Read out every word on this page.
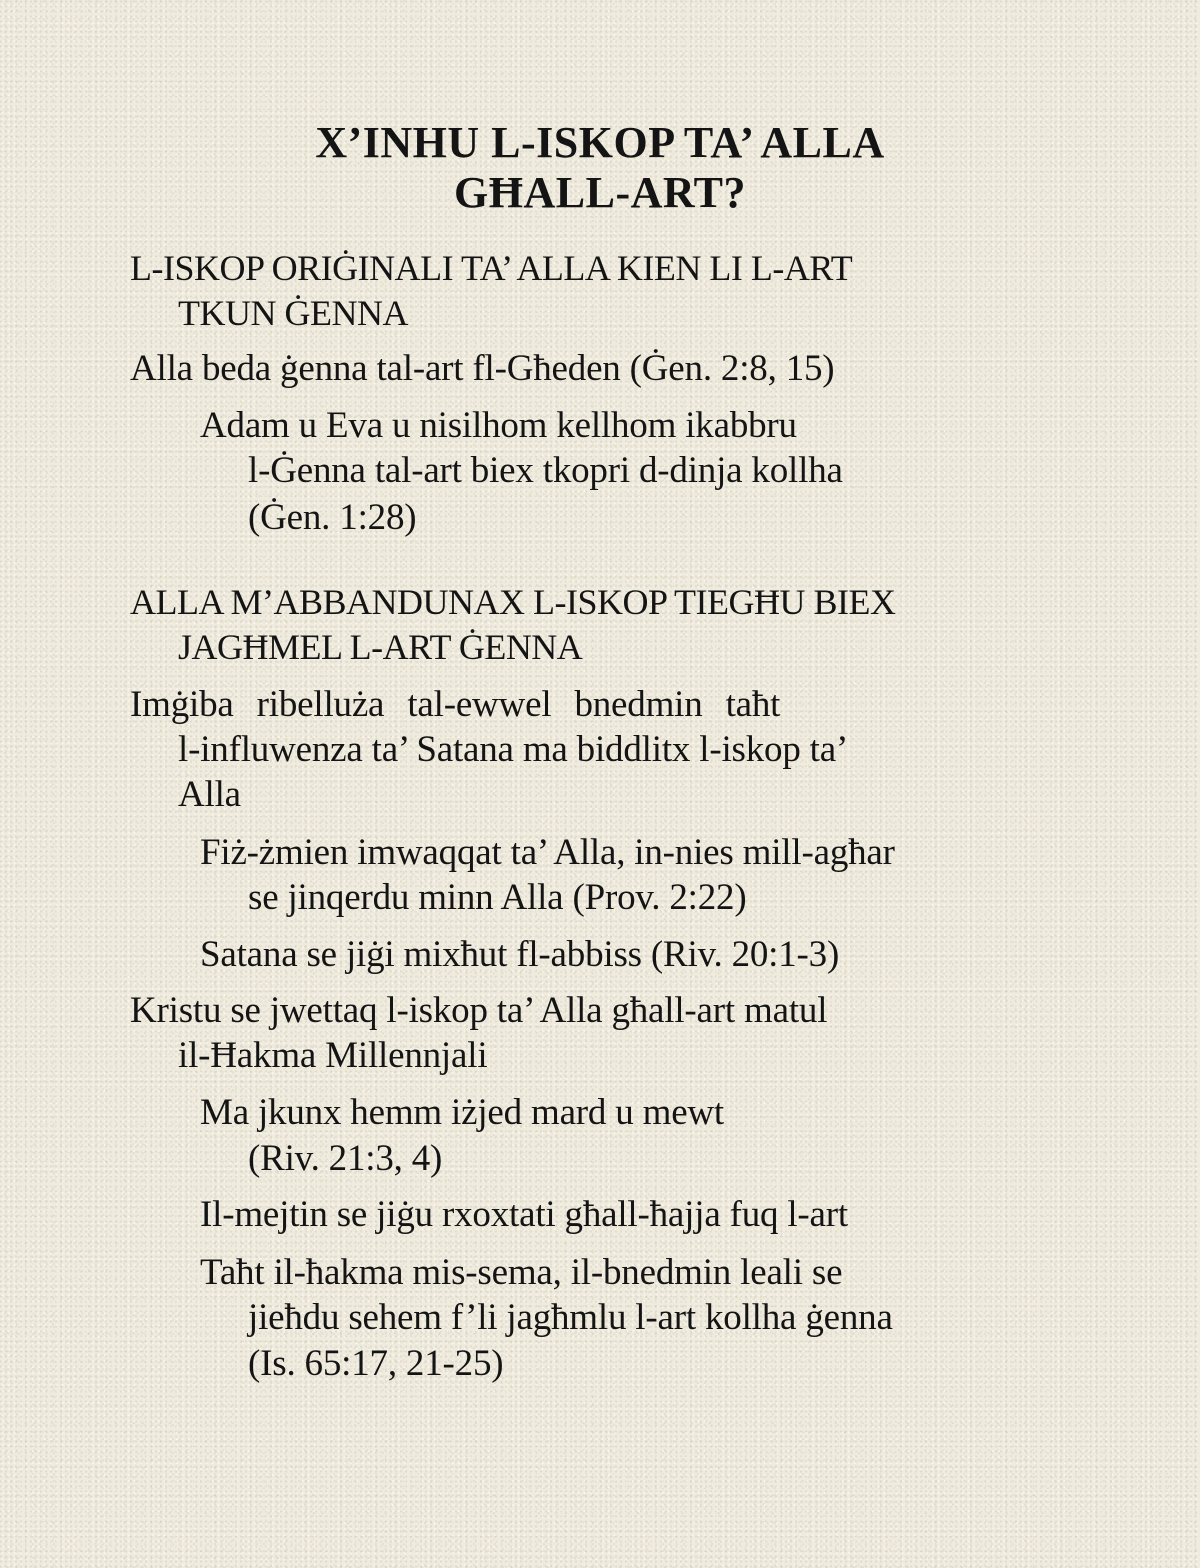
X’INHU L-ISKOP TA’ ALLA
GĦALL-ART?
L-ISKOP ORIĠINALI TA’ ALLA KIEN LI L-ART
TKUN ĠENNA
Alla beda ġenna tal-art fl-Għeden (Ġen. 2:8, 15)
Adam u Eva u nisilhom kellhom ikabbru
l-Ġenna tal-art biex tkopri d-dinja kollha
(Ġen. 1:28)
ALLA M’ABBANDUNAX L-ISKOP TIEGĦU BIEX
JAGĦMEL L-ART ĠENNA
Imġiba ribelluża tal-ewwel bnedmin taħt
l-influwenza ta’ Satana ma biddlitx l-iskop ta’
Alla
Fiż-żmien imwaqqat ta’ Alla, in-nies mill-agħar
se jinqerdu minn Alla (Prov. 2:22)
Satana se jiġi mixħut fl-abbiss (Riv. 20:1-3)
Kristu se jwettaq l-iskop ta’ Alla għall-art matul
il-Ħakma Millennjali
Ma jkunx hemm iżjed mard u mewt
(Riv. 21:3, 4)
Il-mejtin se jiġu rxoxtati għall-ħajja fuq l-art
Taħt il-ħakma mis-sema, il-bnedmin leali se
jieħdu sehem f’li jagħmlu l-art kollha ġenna
(Is. 65:17, 21-25)
